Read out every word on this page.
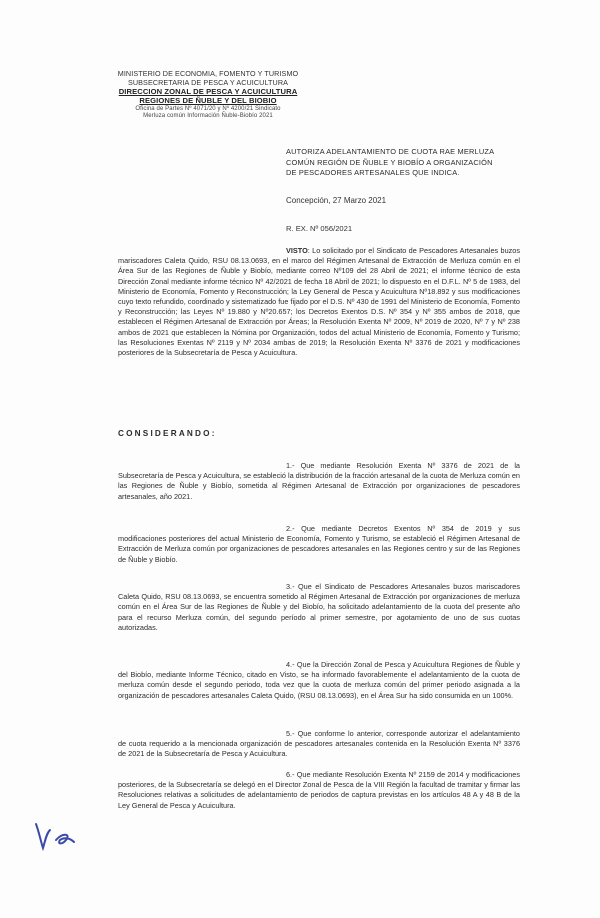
MINISTERIO DE ECONOMIA, FOMENTO Y TURISMO
SUBSECRETARIA DE PESCA Y ACUICULTURA
DIRECCION ZONAL DE PESCA Y ACUICULTURA
REGIONES DE ÑUBLE Y DEL BIOBIO
Oficina de Partes Nº 4071/20 y Nº 4200/21 Sindicato
Merluza común Información Ñuble-Biobío 2021
AUTORIZA ADELANTAMIENTO DE CUOTA RAE MERLUZA
COMÚN REGIÓN DE ÑUBLE Y BIOBÍO A ORGANIZACIÓN
DE PESCADORES ARTESANALES QUE INDICA.
Concepción, 27 Marzo 2021
R. EX. Nº 056/2021
VISTO: Lo solicitado por el Sindicato de Pescadores Artesanales buzos mariscadores Caleta Quido, RSU 08.13.0693, en el marco del Régimen Artesanal de Extracción de Merluza común en el Área Sur de las Regiones de Ñuble y Biobío, mediante correo Nº109 del 28 Abril de 2021; el informe técnico de esta Dirección Zonal mediante informe técnico Nº 42/2021 de fecha 18 Abril de 2021; lo dispuesto en el D.F.L. Nº 5 de 1983, del Ministerio de Economía, Fomento y Reconstrucción; la Ley General de Pesca y Acuicultura Nº18.892 y sus modificaciones cuyo texto refundido, coordinado y sistematizado fue fijado por el D.S. Nº 430 de 1991 del Ministerio de Economía, Fomento y Reconstrucción; las Leyes Nº 19.880 y Nº20.657; los Decretos Exentos D.S. Nº 354 y Nº 355 ambos de 2018, que establecen el Régimen Artesanal de Extracción por Áreas; la Resolución Exenta Nº 2009, Nº 2019 de 2020, Nº 7 y Nº 238 ambos de 2021 que establecen la Nómina por Organización, todos del actual Ministerio de Economía, Fomento y Turismo; las Resoluciones Exentas Nº 2119 y Nº 2034 ambas de 2019; la Resolución Exenta Nº 3376 de 2021 y modificaciones posteriores de la Subsecretaría de Pesca y Acuicultura.
CONSIDERANDO:
1.- Que mediante Resolución Exenta Nº 3376 de 2021 de la Subsecretaría de Pesca y Acuicultura, se estableció la distribución de la fracción artesanal de la cuota de Merluza común en las Regiones de Ñuble y Biobío, sometida al Régimen Artesanal de Extracción por organizaciones de pescadores artesanales, año 2021.
2.- Que mediante Decretos Exentos Nº 354 de 2019 y sus modificaciones posteriores del actual Ministerio de Economía, Fomento y Turismo, se estableció el Régimen Artesanal de Extracción de Merluza común por organizaciones de pescadores artesanales en las Regiones centro y sur de las Regiones de Ñuble y Biobío.
3.- Que el Sindicato de Pescadores Artesanales buzos mariscadores Caleta Quido, RSU 08.13.0693, se encuentra sometido al Régimen Artesanal de Extracción por organizaciones de merluza común en el Área Sur de las Regiones de Ñuble y del Biobío, ha solicitado adelantamiento de la cuota del presente año para el recurso Merluza común, del segundo período al primer semestre, por agotamiento de uno de sus cuotas autorizadas.
4.- Que la Dirección Zonal de Pesca y Acuicultura Regiones de Ñuble y del Biobío, mediante Informe Técnico, citado en Visto, se ha informado favorablemente el adelantamiento de la cuota de merluza común desde el segundo periodo, toda vez que la cuota de merluza común del primer periodo asignada a la organización de pescadores artesanales Caleta Quido, (RSU 08.13.0693), en el Área Sur ha sido consumida en un 100%.
5.- Que conforme lo anterior, corresponde autorizar el adelantamiento de cuota requerido a la mencionada organización de pescadores artesanales contenida en la Resolución Exenta Nº 3376 de 2021 de la Subsecretaría de Pesca y Acuicultura.
6.- Que mediante Resolución Exenta Nº 2159 de 2014 y modificaciones posteriores, de la Subsecretaría se delegó en el Director Zonal de Pesca de la VIII Región la facultad de tramitar y firmar las Resoluciones relativas a solicitudes de adelantamiento de periodos de captura previstas en los artículos 48 A y 48 B de la Ley General de Pesca y Acuicultura.
